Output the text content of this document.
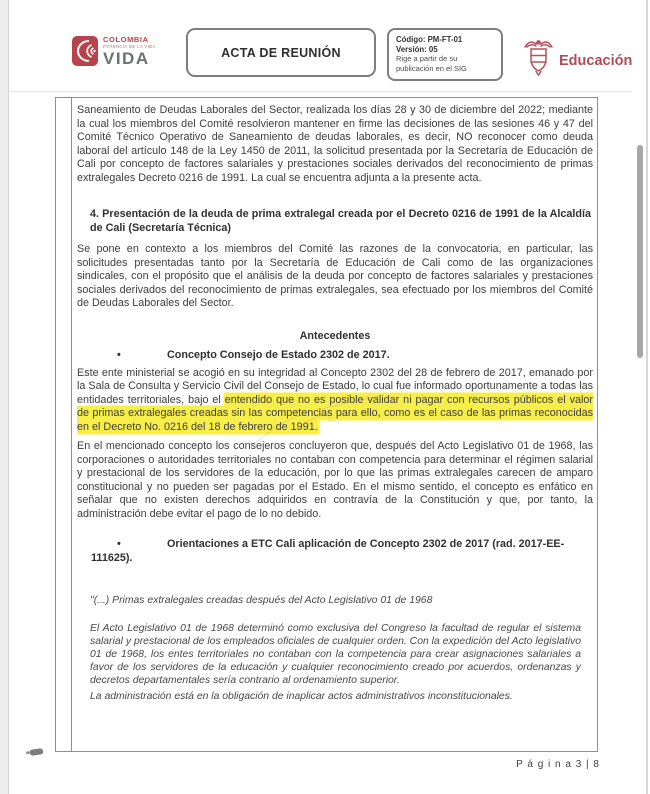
COLOMBIA
POTENCIA DE LA VIDA
VIDA	ACTA DE REUNIÓN
Código: PM-FT-01
Versión: 05
Rige a partir de su
publicación en el SIG	Educación

Saneamiento de Deudas Laborales del Sector, realizada los días 28 y 30 de diciembre del 2022; mediante la cual los miembros del Comité resolvieron mantener en firme las decisiones de las sesiones 46 y 47 del Comité Técnico Operativo de Saneamiento de deudas laborales, es decir, NO reconocer como deuda laboral del artículo 148 de la Ley 1450 de 2011, la solicitud presentada por la Secretaría de Educación de Cali por concepto de factores salariales y prestaciones sociales derivados del reconocimiento de primas extralegales Decreto 0216 de 1991. La cual se encuentra adjunta a la presente acta.

4. Presentación de la deuda de prima extralegal creada por el Decreto 0216 de 1991 de la Alcaldía de Cali (Secretaría Técnica)

Se pone en contexto a los miembros del Comité las razones de la convocatoria, en particular, las solicitudes presentadas tanto por la Secretaría de Educación de Cali como de las organizaciones sindicales, con el propósito que el análisis de la deuda por concepto de factores salariales y prestaciones sociales derivados del reconocimiento de primas extralegales, sea efectuado por los miembros del Comité de Deudas Laborales del Sector.

Antecedentes

•	Concepto Consejo de Estado 2302 de 2017.

Este ente ministerial se acogió en su integridad al Concepto 2302 del 28 de febrero de 2017, emanado por la Sala de Consulta y Servicio Civil del Consejo de Estado, lo cual fue informado oportunamente a todas las entidades territoriales, bajo el entendido que no es posible validar ni pagar con recursos públicos el valor de primas extralegales creadas sin las competencias para ello, como es el caso de las primas reconocidas en el Decreto No. 0216 del 18 de febrero de 1991.

En el mencionado concepto los consejeros concluyeron que, después del Acto Legislativo 01 de 1968, las corporaciones o autoridades territoriales no contaban con competencia para determinar el régimen salarial y prestacional de los servidores de la educación, por lo que las primas extralegales carecen de amparo constitucional y no pueden ser pagadas por el Estado. En el mismo sentido, el concepto es enfático en señalar que no existen derechos adquiridos en contravía de la Constitución y que, por tanto, la administración debe evitar el pago de lo no debido.

•	Orientaciones a ETC Cali aplicación de Concepto 2302 de 2017 (rad. 2017-EE-111625).

"(...) Primas extralegales creadas después del Acto Legislativo 01 de 1968

El Acto Legislativo 01 de 1968 determinó como exclusiva del Congreso la facultad de regular el sistema salarial y prestacional de los empleados oficiales de cualquier orden. Con la expedición del Acto legislativo 01 de 1968, los entes territoriales no contaban con la competencia para crear asignaciones salariales a favor de los servidores de la educación y cualquier reconocimiento creado por acuerdos, ordenanzas y decretos departamentales sería contrario al ordenamiento superior.

La administración está en la obligación de inaplicar actos administrativos inconstitucionales.

P á g i n a 3 | 8
